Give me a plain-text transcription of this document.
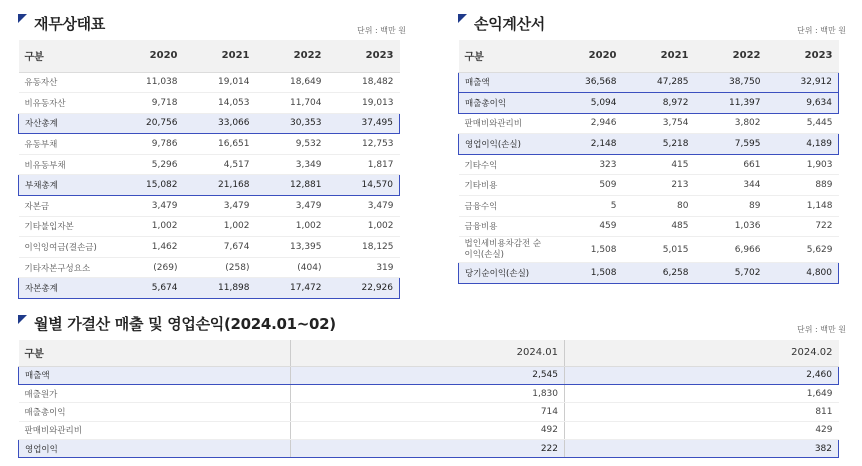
재무상태표	단위 : 백만 원
구분	2020	2021	2022	2023
유동자산	11,038	19,014	18,649	18,482
비유동자산	9,718	14,053	11,704	19,013
자산총계	20,756	33,066	30,353	37,495
유동부채	9,786	16,651	9,532	12,753
비유동부채	5,296	4,517	3,349	1,817
부채총계	15,082	21,168	12,881	14,570
자본금	3,479	3,479	3,479	3,479
기타불입자본	1,002	1,002	1,002	1,002
이익잉여금(결손금)	1,462	7,674	13,395	18,125
기타자본구성요소	(269)	(258)	(404)	319
자본총계	5,674	11,898	17,472	22,926
손익계산서	단위 : 백만 원
구분	2020	2021	2022	2023
매출액	36,568	47,285	38,750	32,912
매출총이익	5,094	8,972	11,397	9,634
판매비와관리비	2,946	3,754	3,802	5,445
영업이익(손실)	2,148	5,218	7,595	4,189
기타수익	323	415	661	1,903
기타비용	509	213	344	889
금융수익	5	80	89	1,148
금융비용	459	485	1,036	722
법인세비용차감전 순이익(손실)	1,508	5,015	6,966	5,629
당기순이익(손실)	1,508	6,258	5,702	4,800
월별 가결산 매출 및 영업손익(2024.01~02)	단위 : 백만 원
구분	2024.01	2024.02
매출액	2,545	2,460
매출원가	1,830	1,649
매출총이익	714	811
판매비와관리비	492	429
영업이익	222	382
